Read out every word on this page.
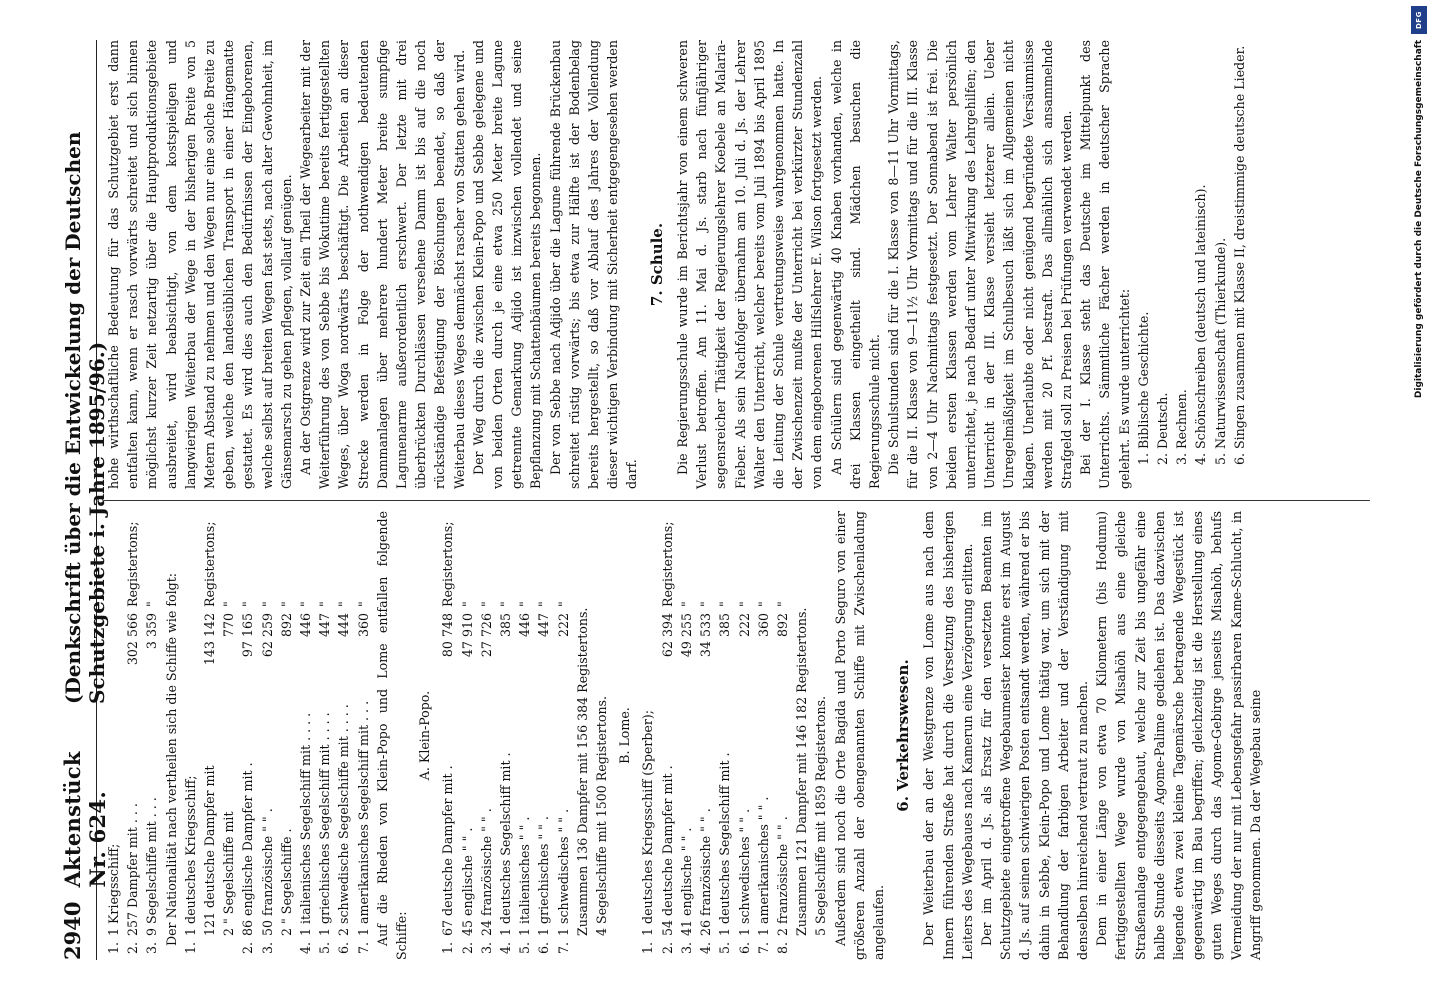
2940
Aktenstück Nr. 624.
(Denkschrift über die Entwickelung der Deutschen Schutzgebiete i. Jahre 1895/96.)
1.
1 Kriegsschiff;
2.
257 Dampfer mit . . .
302 566
Registertons;
3.
9 Segelschiffe mit . . .
3 359
" Der Nationalität nach vertheilen sich die Schiffe wie folgt:

1.
1 deutsches Kriegsschiff; 121 deutsche Dampfer mit
143 142
Registertons;
2 " Segelschiffe mit
770
"
2.
86 englische Dampfer mit .
97 165
"
3.
50 französische " " .
62 259
"
2 " Segelschiffe .
892
"
4.
1 italienisches Segelschiff mit . . . .
446
"
5.
1 griechisches Segelschiff mit . . . .
447
"
6.
2 schwedische Segelschiffe mit . . . .
444
"
7.
1 amerikanisches Segelschiff mit . . .
360
" Auf die Rheden von Klein-Popo und Lome entfallen folgende Schiffe:

A. Klein-Popo.
1.
67 deutsche Dampfer mit .
80 748
Registertons;
2.
45 englische " " .
47 910
"
3.
24 französische " " .
27 726
"
4.
1 deutsches Segelschiff mit .
385
"
5.
1 italienisches " " .
446
"
6.
1 griechisches " " .
447
"
7.
1 schwedisches " " .
222
"
Zusammen 136 Dampfer mit 156 384 Registertons. 4 Segelschiffe mit 1500 Registertons. B. Lome.
1.
1 deutsches Kriegsschiff (Sperber);
2.
54 deutsche Dampfer mit .
62 394
Registertons;
3.
41 englische " " .
49 255
"
4.
26 französische " " .
34 533
"
5.
1 deutsches Segelschiff mit .
385
"
6.
1 schwedisches " " .
222
"
7.
1 amerikanisches " " .
360
"
8.
2 französische " " .
892
"
Zusammen 121 Dampfer mit 146 182 Registertons. 5 Segelschiffe mit 1859 Registertons. Außerdem sind noch die Orte Bagida und Porto Seguro von einer größeren Anzahl der obengenannten Schiffe mit Zwischenladung angelaufen.

6. Verkehrswesen. Der Weiterbau der an der Westgrenze von Lome aus nach dem Innern führenden Straße hat durch die Versetzung des bisherigen Leiters des Wegebaues nach Kamerun eine Verzögerung erlitten. Der im April d. Js. als Ersatz für den versetzten Beamten im Schutzgebiete eingetroffene Wegebaumeister konnte erst im August d. Js. auf seinen schwierigen Posten entsandt werden, während er bis dahin in Sebbe, Klein-Popo und Lome thätig war, um sich mit der Behandlung der farbigen Arbeiter und der Verständigung mit denselben hinreichend vertraut zu machen. Dem in einer Länge von etwa 70 Kilometern (bis Hodumu) fertiggestellten Wege wurde von Misahöh aus eine gleiche Straßenanlage entgegengebaut, welche zur Zeit bis ungefähr eine halbe Stunde diesseits Agome-Palime gediehen ist. Das dazwischen liegende etwa zwei kleine Tagemärsche betragende Wegestück ist gegenwärtig im Bau begriffen; gleichzeitig ist die Herstellung eines guten Weges durch das Agome-Gebirge jenseits Misahöh, behufs Vermeidung der nur mit Lebensgefahr passirbaren Kame-Schlucht, in Angriff genommen. Da der Wegebau seine

hohe wirthschaftliche Bedeutung für das Schutzgebiet erst dann entfalten kann, wenn er rasch vorwärts schreitet und sich binnen möglichst kurzer Zeit netzartig über die Hauptproduktionsgebiete ausbreitet, wird beabsichtigt, von dem kostspieligen und langwierigen Weiterbau der Wege in der bisherigen Breite von 5 Metern Abstand zu nehmen und den Wegen nur eine solche Breite zu geben, welche den landesüblichen Transport in einer Hängematte gestattet. Es wird dies auch den Bedürfnissen der Eingeborenen, welche selbst auf breiten Wegen fast stets, nach alter Gewohnheit, im Gänsemarsch zu gehen pflegen, vollauf genügen. An der Ostgrenze wird zur Zeit ein Theil der Wegearbeiter mit der Weiterführung des von Sebbe bis Wokutime bereits fertiggestellten Weges, über Woga nordwärts beschäftigt. Die Arbeiten an dieser Strecke werden in Folge der nothwendigen bedeutenden Dammanlagen über mehrere hundert Meter breite sumpfige Lagunenarme außerordentlich erschwert. Der letzte mit drei überbrückten Durchlässen versehene Damm ist bis auf die noch rückständige Befestigung der Böschungen beendet, so daß der Weiterbau dieses Weges demnächst rascher von Statten gehen wird. Der Weg durch die zwischen Klein-Popo und Sebbe gelegene und von beiden Orten durch je eine etwa 250 Meter breite Lagune getrennte Gemarkung Adjido ist inzwischen vollendet und seine Bepflanzung mit Schattenbäumen bereits begonnen. Der von Sebbe nach Adjido über die Lagune führende Brückenbau schreitet rüstig vorwärts; bis etwa zur Hälfte ist der Bodenbelag bereits hergestellt, so daß vor Ablauf des Jahres der Vollendung dieser wichtigen Verbindung mit Sicherheit entgegengesehen werden darf.

7. Schule. Die Regierungsschule wurde im Berichtsjahr von einem schweren Verlust betroffen. Am 11. Mai d. Js. starb nach fünfjähriger segensreicher Thätigkeit der Regierungslehrer Koebele an Malaria-Fieber. Als sein Nachfolger übernahm am 10. Juli d. Js. der Lehrer Walter den Unterricht, welcher bereits vom Juli 1894 bis April 1895 die Leitung der Schule vertretungsweise wahrgenommen hatte. In der Zwischenzeit mußte der Unterricht bei verkürzter Stundenzahl von dem eingeborenen Hilfslehrer E. Wilson fortgesetzt werden. An Schülern sind gegenwärtig 40 Knaben vorhanden, welche in drei Klassen eingetheilt sind. Mädchen besuchen die Regierungsschule nicht. Die Schulstunden sind für die I. Klasse von 8—11 Uhr Vormittags, für die II. Klasse von 9—11½ Uhr Vormittags und für die III. Klasse von 2—4 Uhr Nachmittags festgesetzt. Der Sonnabend ist frei. Die beiden ersten Klassen werden vom Lehrer Walter persönlich unterrichtet, je nach Bedarf unter Mitwirkung des Lehrgehilfen; den Unterricht in der III. Klasse versieht letzterer allein. Ueber Unregelmäßigkeit im Schulbesuch läßt sich im Allgemeinen nicht klagen. Unerlaubte oder nicht genügend begründete Versäumnisse werden mit 20 Pf. bestraft. Das allmählich sich ansammelnde Strafgeld soll zu Preisen bei Prüfungen verwendet werden. Bei der I. Klasse steht das Deutsche im Mittelpunkt des Unterrichts. Sämmtliche Fächer werden in deutscher Sprache gelehrt. Es wurde unterrichtet: 1. Biblische Geschichte. 2. Deutsch. 3. Rechnen. 4. Schönschreiben (deutsch und lateinisch). 5. Naturwissenschaft (Thierkunde). 6. Singen zusammen mit Klasse II, dreistimmige deutsche Lieder.
DFG
Digitalisierung gefördert durch die Deutsche Forschungsgemeinschaft
